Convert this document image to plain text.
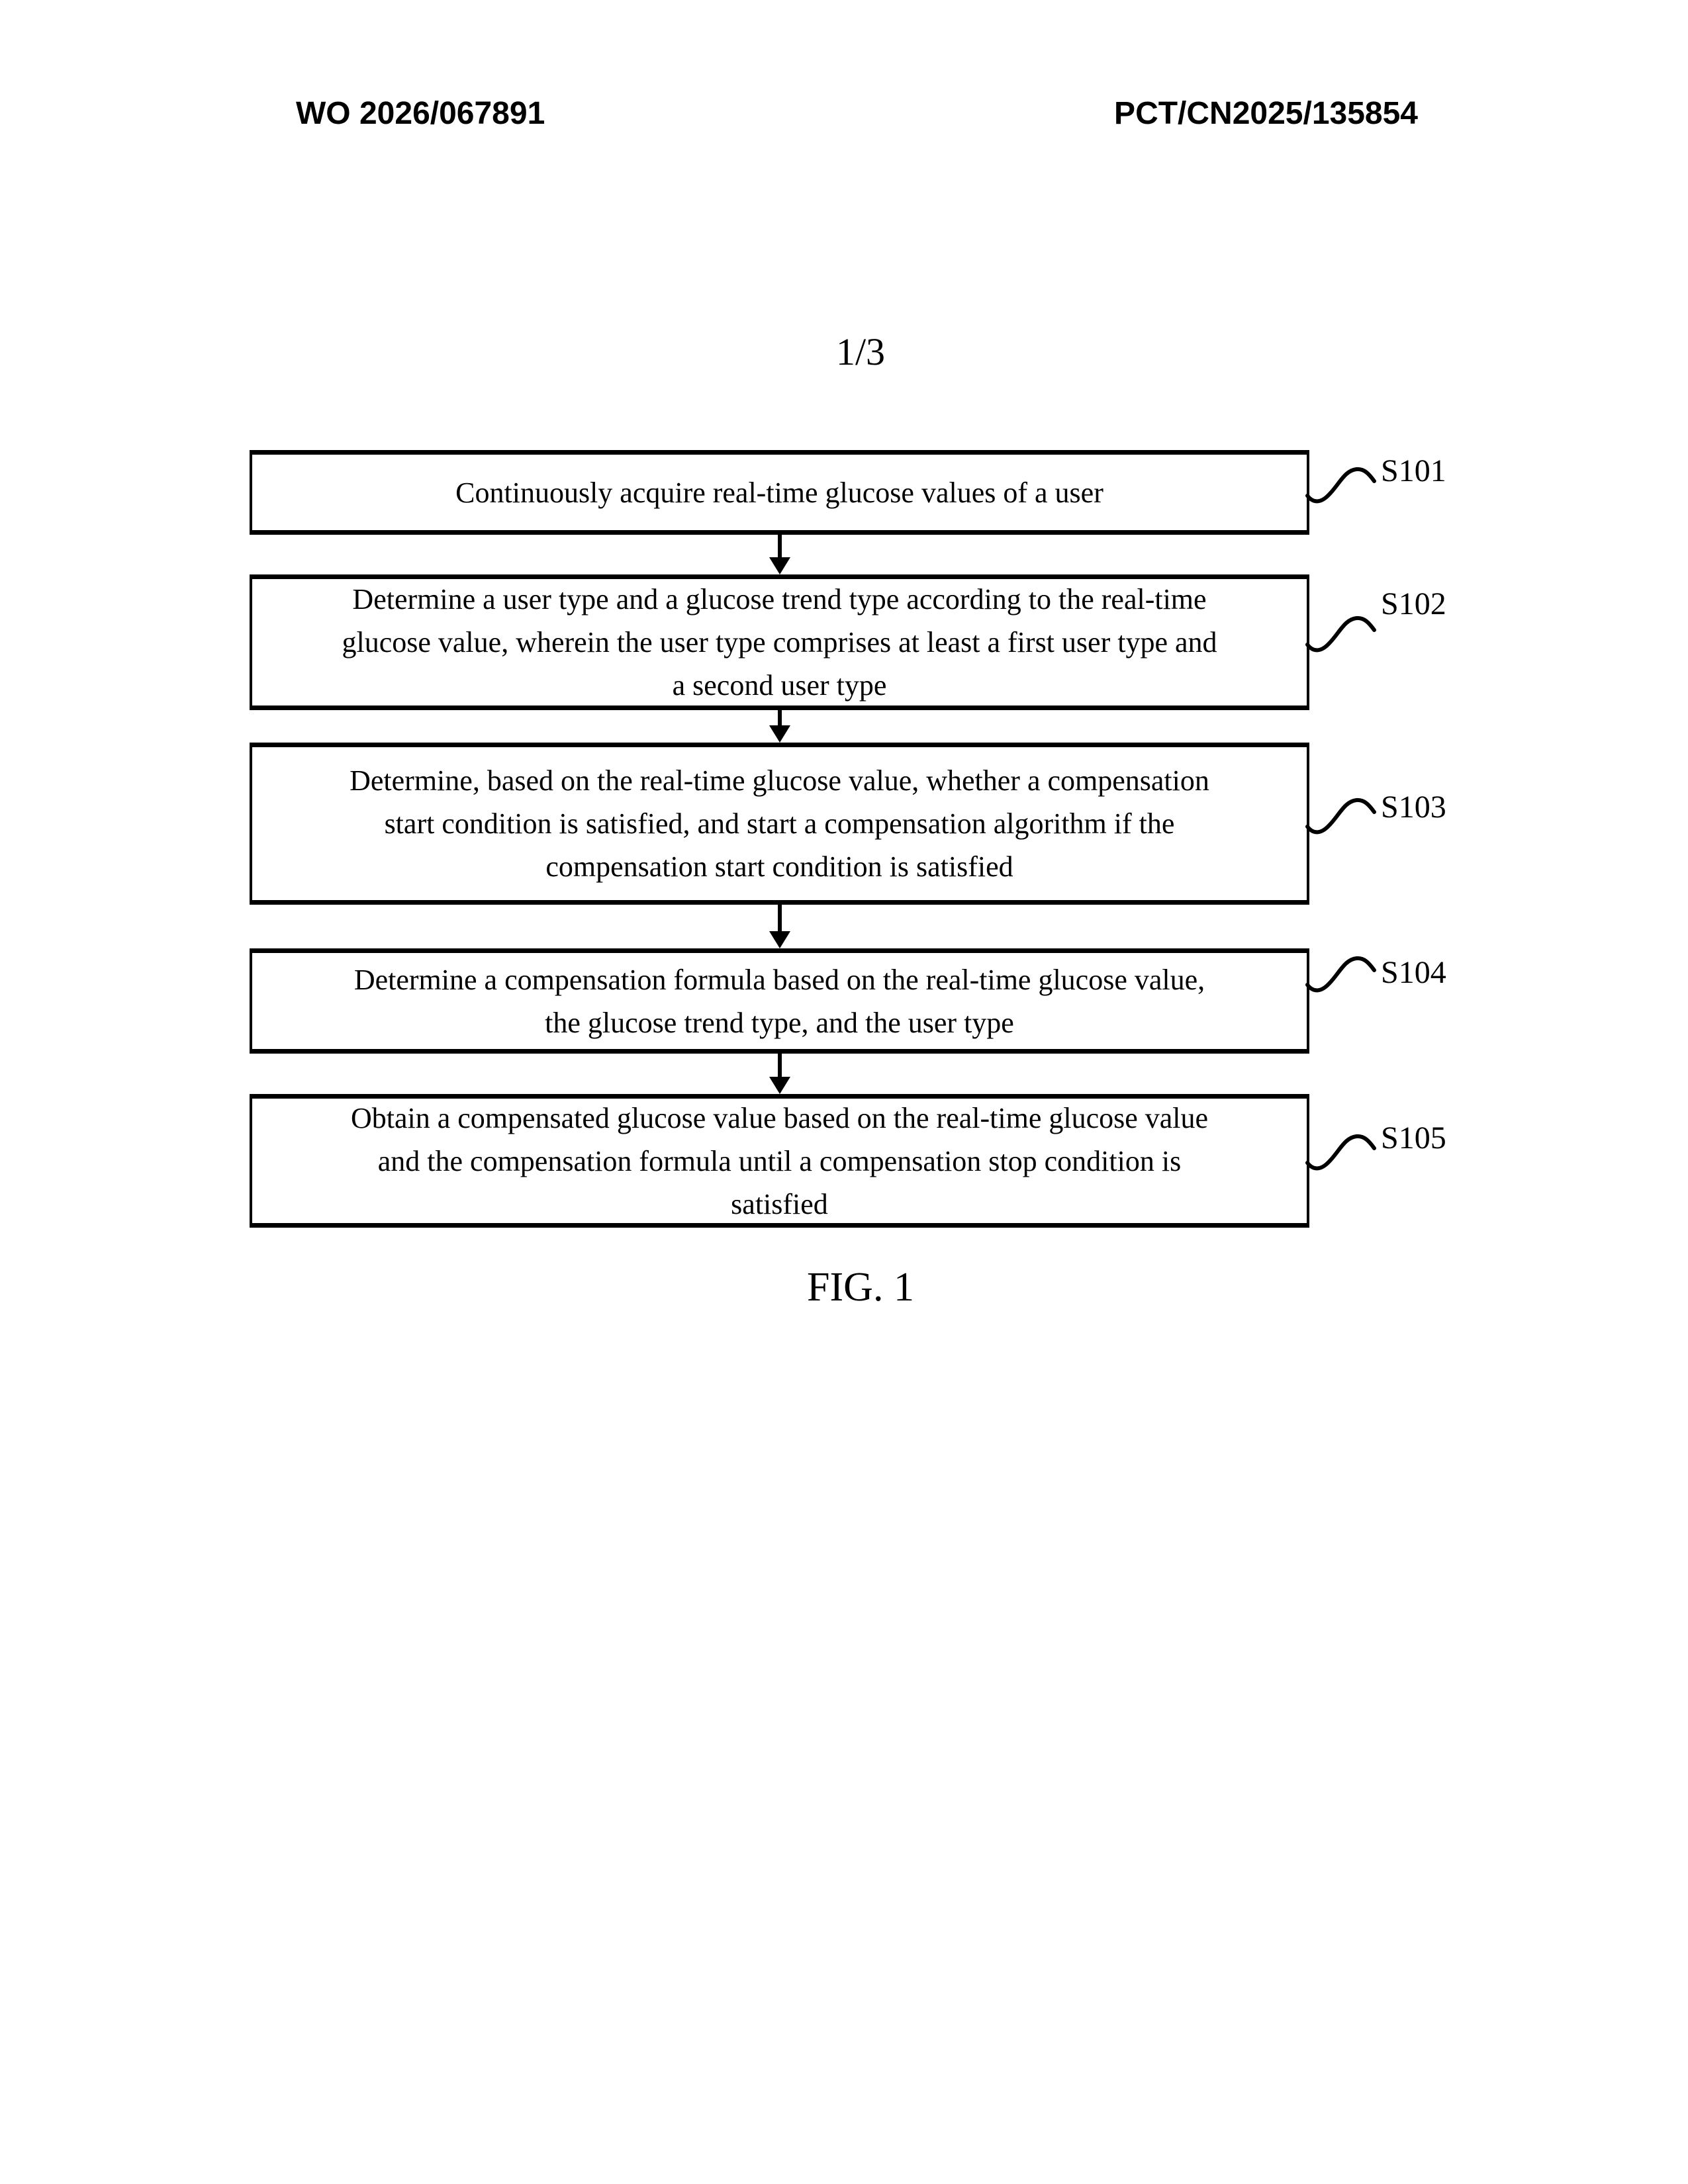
WO 2026/067891	PCT/CN2025/135854
1/3
Continuously acquire real-time glucose values of a user
S101
Determine a user type and a glucose trend type according to the real-time
glucose value, wherein the user type comprises at least a first user type and
a second user type
S102
Determine, based on the real-time glucose value, whether a compensation
start condition is satisfied, and start a compensation algorithm if the
compensation start condition is satisfied
S103
Determine a compensation formula based on the real-time glucose value,
the glucose trend type, and the user type
S104
Obtain a compensated glucose value based on the real-time glucose value
and the compensation formula until a compensation stop condition is
satisfied
S105
FIG. 1
